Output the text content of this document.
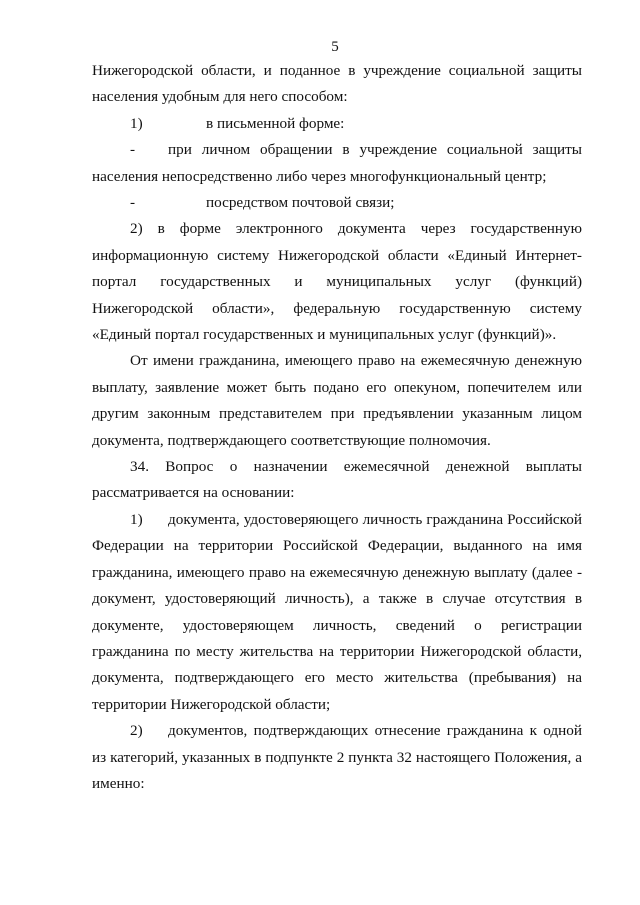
5

Нижегородской области, и поданное в учреждение социальной защиты населения удобным для него способом:

1)	в письменной форме:

- при личном обращении в учреждение социальной защиты населения непосредственно либо через многофункциональный центр;

-	посредством почтовой связи;

2) в форме электронного документа через государственную информационную систему Нижегородской области «Единый Интернет-портал государственных и муниципальных услуг (функций) Нижегородской области», федеральную государственную систему «Единый портал государственных и муниципальных услуг (функций)».

От имени гражданина, имеющего право на ежемесячную денежную выплату, заявление может быть подано его опекуном, попечителем или другим законным представителем при предъявлении указанным лицом документа, подтверждающего соответствующие полномочия.

34. Вопрос о назначении ежемесячной денежной выплаты рассматривается на основании:

1) документа, удостоверяющего личность гражданина Российской Федерации на территории Российской Федерации, выданного на имя гражданина, имеющего право на ежемесячную денежную выплату (далее - документ, удостоверяющий личность), а также в случае отсутствия в документе, удостоверяющем личность, сведений о регистрации гражданина по месту жительства на территории Нижегородской области, документа, подтверждающего его место жительства (пребывания) на территории Нижегородской области;

2) документов, подтверждающих отнесение гражданина к одной из категорий, указанных в подпункте 2 пункта 32 настоящего Положения, а именно:
